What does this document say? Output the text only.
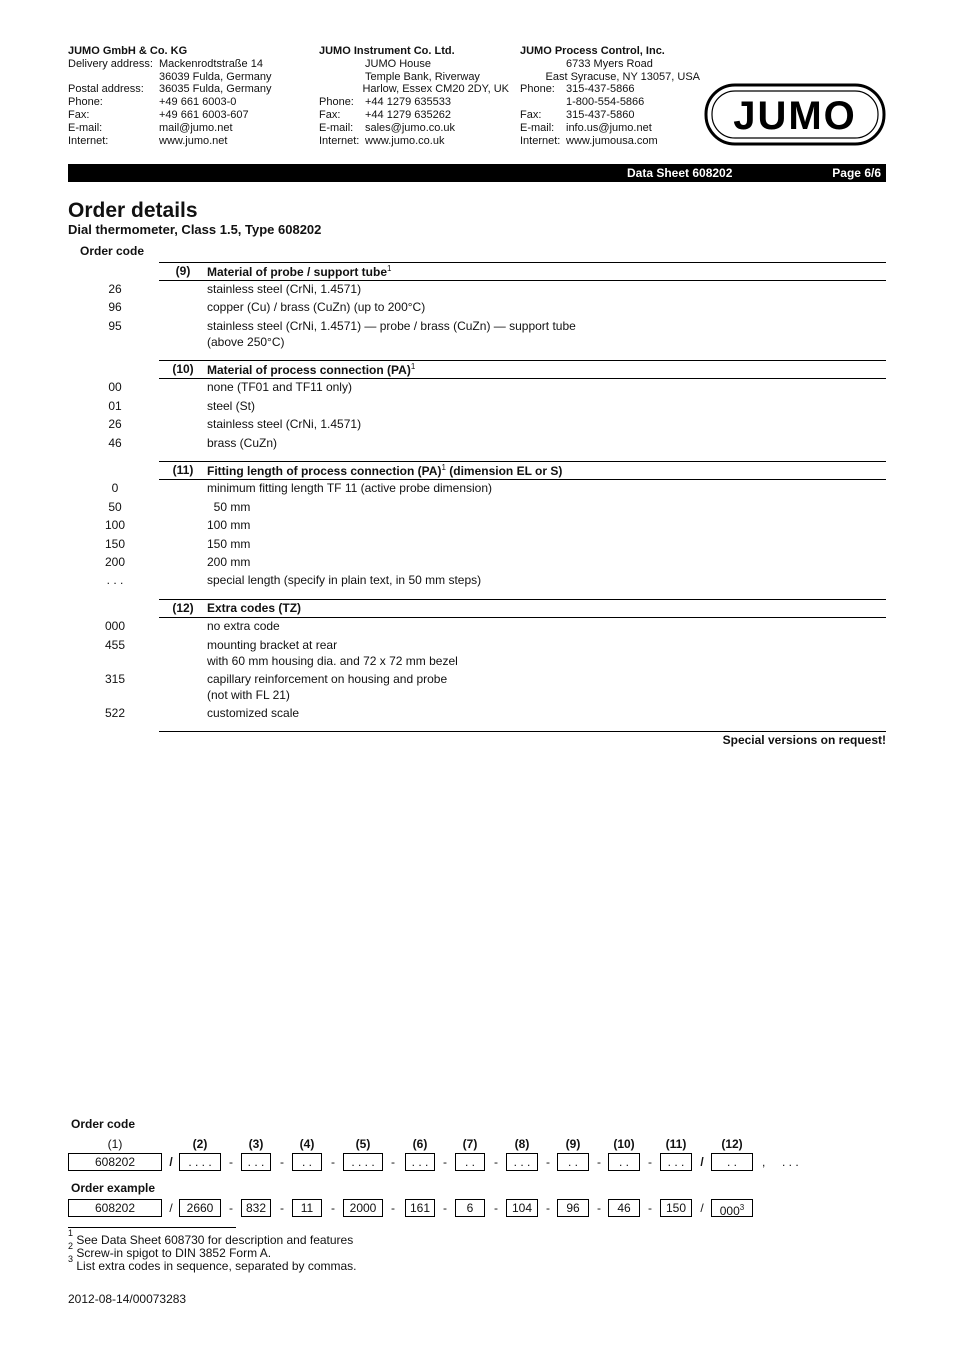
JUMO GmbH & Co. KG
Delivery address: Mackenrodtstraße 14
36039 Fulda, Germany
Postal address:	36035 Fulda, Germany
Phone:	+49 661 6003-0
Fax:	+49 661 6003-607
E-mail:	mail@jumo.net
Internet:	www.jumo.net
JUMO Instrument Co. Ltd.
JUMO House
Temple Bank, Riverway
Harlow, Essex CM20 2DY, UK
Phone:	+44 1279 635533
Fax:	+44 1279 635262
E-mail:	sales@jumo.co.uk
Internet: www.jumo.co.uk
JUMO Process Control, Inc.
6733 Myers Road
East Syracuse, NY 13057, USA
Phone:	315-437-5866
1-800-554-5866
Fax:	315-437-5860
E-mail:	info.us@jumo.net
Internet: www.jumousa.com
JUMO
Data Sheet 608202	Page 6/6
Order details
Dial thermometer, Class 1.5, Type 608202
Order code
(9)	Material of probe / support tube$^1$
26	stainless steel (CrNi, 1.4571)
96	copper (Cu) / brass (CuZn) (up to 200°C)
95	stainless steel (CrNi, 1.4571) — probe / brass (CuZn) — support tube
(above 250°C)
(10)	Material of process connection (PA)$^1$
00	none (TF01 and TF11 only)
01	steel (St)
26	stainless steel (CrNi, 1.4571)
46	brass (CuZn)
(11)	Fitting length of process connection (PA)$^1$ (dimension EL or S)
0	minimum fitting length TF 11 (active probe dimension)
50	50 mm
100	100 mm
150	150 mm
200	200 mm
. . .	special length (specify in plain text, in 50 mm steps)
(12)	Extra codes (TZ)
000	no extra code
455	mounting bracket at rear
with 60 mm housing dia. and 72 x 72 mm bezel
315	capillary reinforcement on housing and probe
(not with FL 21)
522	customized scale
Special versions on request!
Order code
Order example
(1)	(2)	(3)	(4)	(5)	(6)	(7)	(8)	(9)	(10)	(11)	(12)
608202	. . . .	. . .	. .	. . . .	. . .	. .	. . .	. .	. .	. . .	. .
608202	2660	832	11	2000	161	6	104	96	46	150	$000^3$
/
/
-
-
-
-
-
-
-
-
-
-
-
-
-
-
-
-
-
-
/
/
,     . . .
$^1$ See Data Sheet 608730 for description and features
$^2$ Screw-in spigot to DIN 3852 Form A.
$^3$ List extra codes in sequence, separated by commas.
2012-08-14/00073283
